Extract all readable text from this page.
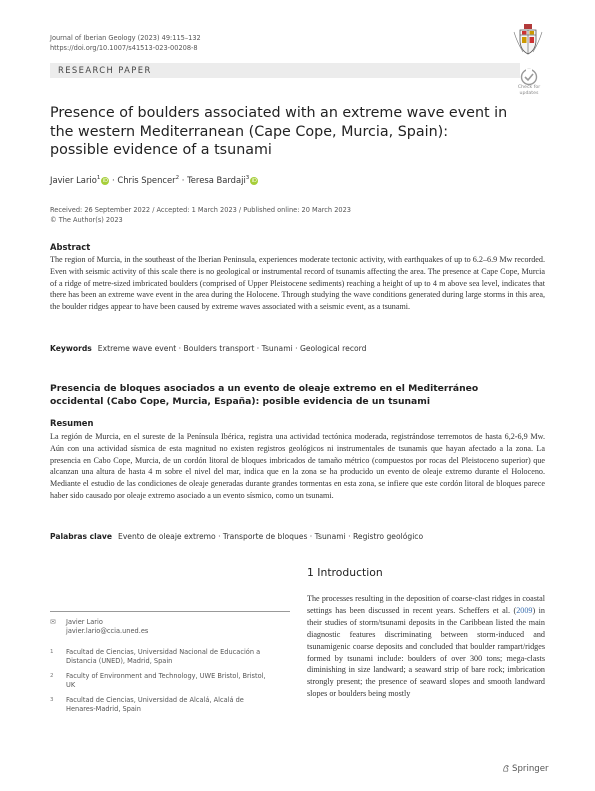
Journal of Iberian Geology (2023) 49:115–132
https://doi.org/10.1007/s41513-023-00208-8
RESEARCH PAPER
Check for
updates
Presence of boulders associated with an extreme wave event in the western Mediterranean (Cape Cope, Murcia, Spain): possible evidence of a tsunami
Javier Lario$^1$ iD · Chris Spencer$^2$ · Teresa Bardaji$^3$ iD
Received: 26 September 2022 / Accepted: 1 March 2023 / Published online: 20 March 2023
© The Author(s) 2023
Abstract
The region of Murcia, in the southeast of the Iberian Peninsula, experiences moderate tectonic activity, with earthquakes of up to 6.2–6.9 Mw recorded. Even with seismic activity of this scale there is no geological or instrumental record of tsunamis affecting the area. The presence at Cape Cope, Murcia of a ridge of metre-sized imbricated boulders (comprised of Upper Pleistocene sediments) reaching a height of up to 4 m above sea level, indicates that there has been an extreme wave event in the area during the Holocene. Through studying the wave conditions generated during large storms in this area, the boulder ridges appear to have been caused by extreme waves associated with a seismic event, as a tsunami.
Keywords Extreme wave event · Boulders transport · Tsunami · Geological record
Presencia de bloques asociados a un evento de oleaje extremo en el Mediterráneo occidental (Cabo Cope, Murcia, España): posible evidencia de un tsunami
Resumen
La región de Murcia, en el sureste de la Península Ibérica, registra una actividad tectónica moderada, registrándose terremotos de hasta 6,2-6,9 Mw. Aún con una actividad sísmica de esta magnitud no existen registros geológicos ni instrumentales de tsunamis que hayan afectado a la zona. La presencia en Cabo Cope, Murcia, de un cordón litoral de bloques imbricados de tamaño métrico (compuestos por rocas del Pleistoceno superior) que alcanzan una altura de hasta 4 m sobre el nivel del mar, indica que en la zona se ha producido un evento de oleaje extremo durante el Holoceno. Mediante el estudio de las condiciones de oleaje generadas durante grandes tormentas en esta zona, se infiere que este cordón litoral de bloques parece haber sido causado por oleaje extremo asociado a un evento sísmico, como un tsunami.
Palabras clave Evento de oleaje extremo · Transporte de bloques · Tsunami · Registro geológico
1 Introduction
The processes resulting in the deposition of coarse-clast ridges in coastal settings has been discussed in recent years. Scheffers et al. (2009) in their studies of storm/tsunami deposits in the Caribbean listed the main diagnostic features discriminating between storm-induced and tsunamigenic coarse deposits and concluded that boulder rampart/ridges formed by tsunami include: boulders of over 300 tons; mega-clasts diminishing in size landward; a seaward strip of bare rock; imbrication strongly present; the presence of seaward slopes and smooth landward slopes or boulders being mostly
✉ Javier Lario
javier.lario@ccia.uned.es
1 Facultad de Ciencias, Universidad Nacional de Educación a Distancia (UNED), Madrid, Spain
2 Faculty of Environment and Technology, UWE Bristol, Bristol, UK
3 Facultad de Ciencias, Universidad de Alcalá, Alcalá de Henares-Madrid, Spain
Springer
